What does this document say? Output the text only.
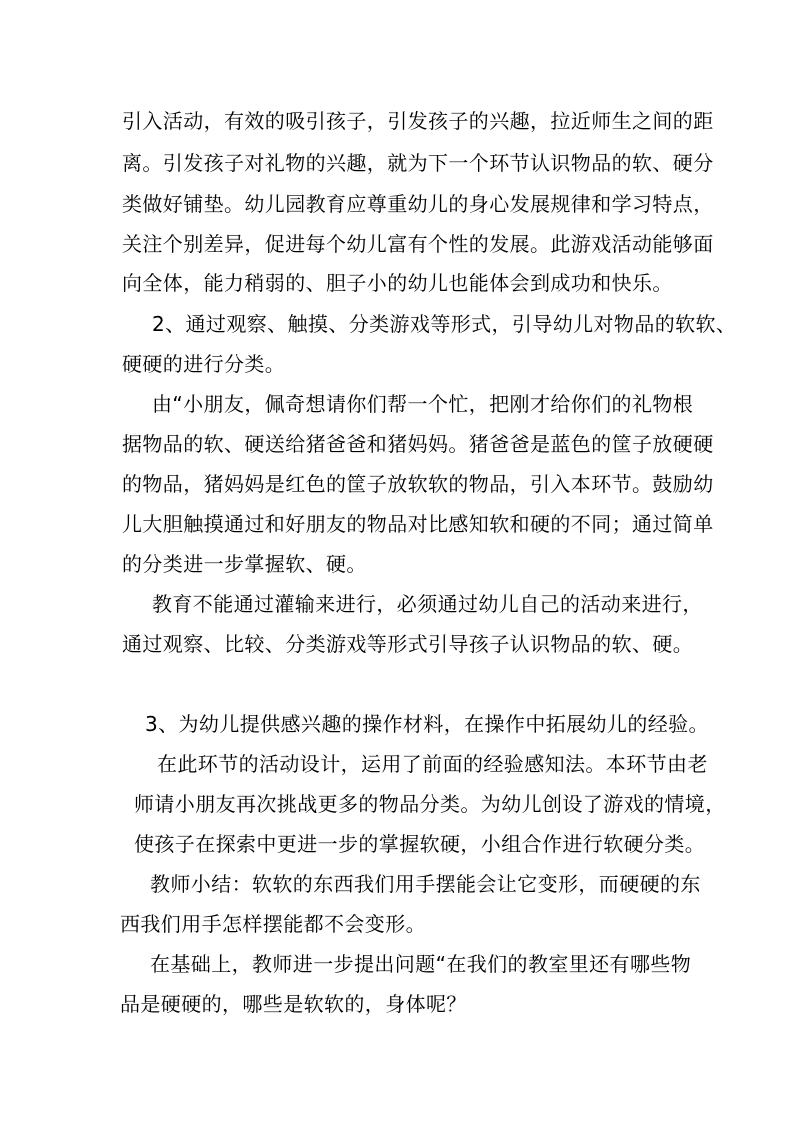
引入活动，有效的吸引孩子，引发孩子的兴趣，拉近师生之间的距
离。引发孩子对礼物的兴趣，就为下一个环节认识物品的软、硬分
类做好铺垫。幼儿园教育应尊重幼儿的身心发展规律和学习特点，
关注个别差异，促进每个幼儿富有个性的发展。此游戏活动能够面
向全体，能力稍弱的、胆子小的幼儿也能体会到成功和快乐。
2、通过观察、触摸、分类游戏等形式，引导幼儿对物品的软软、
硬硬的进行分类。
由“小朋友，佩奇想请你们帮一个忙，把刚才给你们的礼物根
据物品的软、硬送给猪爸爸和猪妈妈。猪爸爸是蓝色的筐子放硬硬
的物品，猪妈妈是红色的筐子放软软的物品，引入本环节。鼓励幼
儿大胆触摸通过和好朋友的物品对比感知软和硬的不同；通过简单
的分类进一步掌握软、硬。
教育不能通过灌输来进行，必须通过幼儿自己的活动来进行，
通过观察、比较、分类游戏等形式引导孩子认识物品的软、硬。
3、为幼儿提供感兴趣的操作材料，在操作中拓展幼儿的经验。
在此环节的活动设计，运用了前面的经验感知法。本环节由老
师请小朋友再次挑战更多的物品分类。为幼儿创设了游戏的情境，
使孩子在探索中更进一步的掌握软硬，小组合作进行软硬分类。
教师小结：软软的东西我们用手摆能会让它变形，而硬硬的东
西我们用手怎样摆能都不会变形。
在基础上，教师进一步提出问题“在我们的教室里还有哪些物
品是硬硬的，哪些是软软的，身体呢？
